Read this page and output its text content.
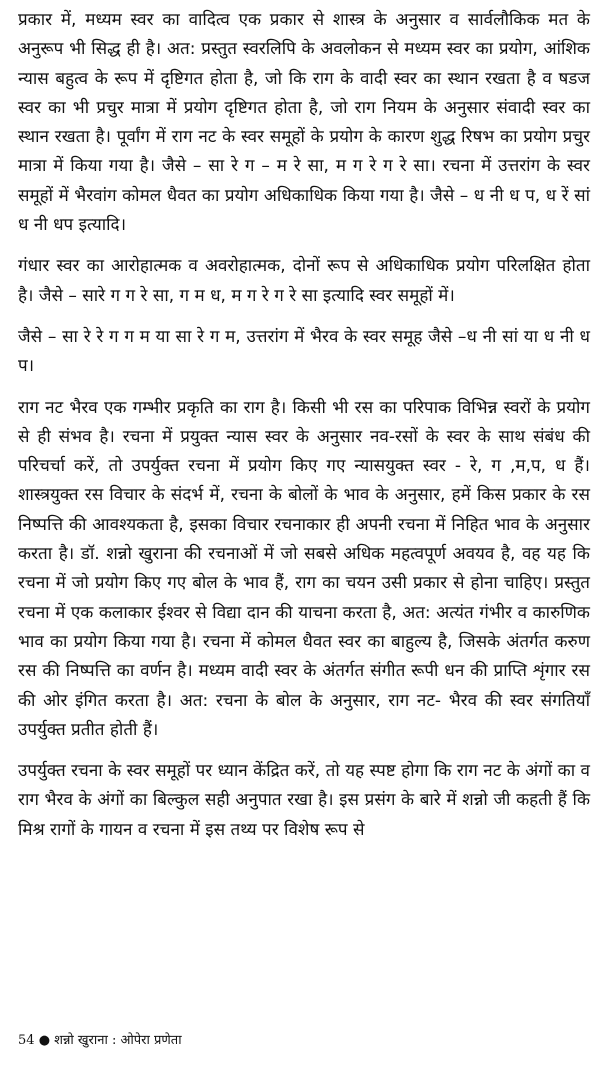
प्रकार में, मध्यम स्वर का वादित्व एक प्रकार से शास्त्र के अनुसार व सार्वलौकिक मत के अनुरूप भी सिद्ध ही है। अत: प्रस्तुत स्वरलिपि के अवलोकन से मध्यम स्वर का प्रयोग, आंशिक न्यास बहुत्व के रूप में दृष्टिगत होता है, जो कि राग के वादी स्वर का स्थान रखता है व षडज स्वर का भी प्रचुर मात्रा में प्रयोग दृष्टिगत होता है, जो राग नियम के अनुसार संवादी स्वर का स्थान रखता है। पूर्वांग में राग नट के स्वर समूहों के प्रयोग के कारण शुद्ध रिषभ का प्रयोग प्रचुर मात्रा में किया गया है। जैसे – सा रे ग – म रे सा, म ग रे ग रे सा। रचना में उत्तरांग के स्वर समूहों में भैरवांग कोमल धैवत का प्रयोग अधिकाधिक किया गया है। जैसे – ध नी ध प, ध रें सां ध नी धप इत्यादि।

गंधार स्वर का आरोहात्मक व अवरोहात्मक, दोनों रूप से अधिकाधिक प्रयोग परिलक्षित होता है। जैसे – सारे ग ग रे सा, ग म ध, म ग रे ग रे सा इत्यादि स्वर समूहों में।

जैसे – सा रे रे ग ग म या सा रे ग म, उत्तरांग में भैरव के स्वर समूह जैसे –ध नी सां या ध नी ध प।

राग नट भैरव एक गम्भीर प्रकृति का राग है। किसी भी रस का परिपाक विभिन्न स्वरों के प्रयोग से ही संभव है। रचना में प्रयुक्त न्यास स्वर के अनुसार नव-रसों के स्वर के साथ संबंध की परिचर्चा करें, तो उपर्युक्त रचना में प्रयोग किए गए न्यासयुक्त स्वर - रे, ग ,म,प, ध हैं। शास्त्रयुक्त रस विचार के संदर्भ में, रचना के बोलों के भाव के अनुसार, हमें किस प्रकार के रस निष्पत्ति की आवश्यकता है, इसका विचार रचनाकार ही अपनी रचना में निहित भाव के अनुसार करता है। डॉ. शन्नो खुराना की रचनाओं में जो सबसे अधिक महत्वपूर्ण अवयव है, वह यह कि रचना में जो प्रयोग किए गए बोल के भाव हैं, राग का चयन उसी प्रकार से होना चाहिए। प्रस्तुत रचना में एक कलाकार ईश्वर से विद्या दान की याचना करता है, अत: अत्यंत गंभीर व कारुणिक भाव का प्रयोग किया गया है। रचना में कोमल धैवत स्वर का बाहुल्य है, जिसके अंतर्गत करुण रस की निष्पत्ति का वर्णन है। मध्यम वादी स्वर के अंतर्गत संगीत रूपी धन की प्राप्ति शृंगार रस की ओर इंगित करता है। अत: रचना के बोल के अनुसार, राग नट- भैरव की स्वर संगतियाँ उपर्युक्त प्रतीत होती हैं।

उपर्युक्त रचना के स्वर समूहों पर ध्यान केंद्रित करें, तो यह स्पष्ट होगा कि राग नट के अंगों का व राग भैरव के अंगों का बिल्कुल सही अनुपात रखा है। इस प्रसंग के बारे में शन्नो जी कहती हैं कि मिश्र रागों के गायन व रचना में इस तथ्य पर विशेष रूप से

54 ● शन्नो खुराना : ओपेरा प्रणेता
